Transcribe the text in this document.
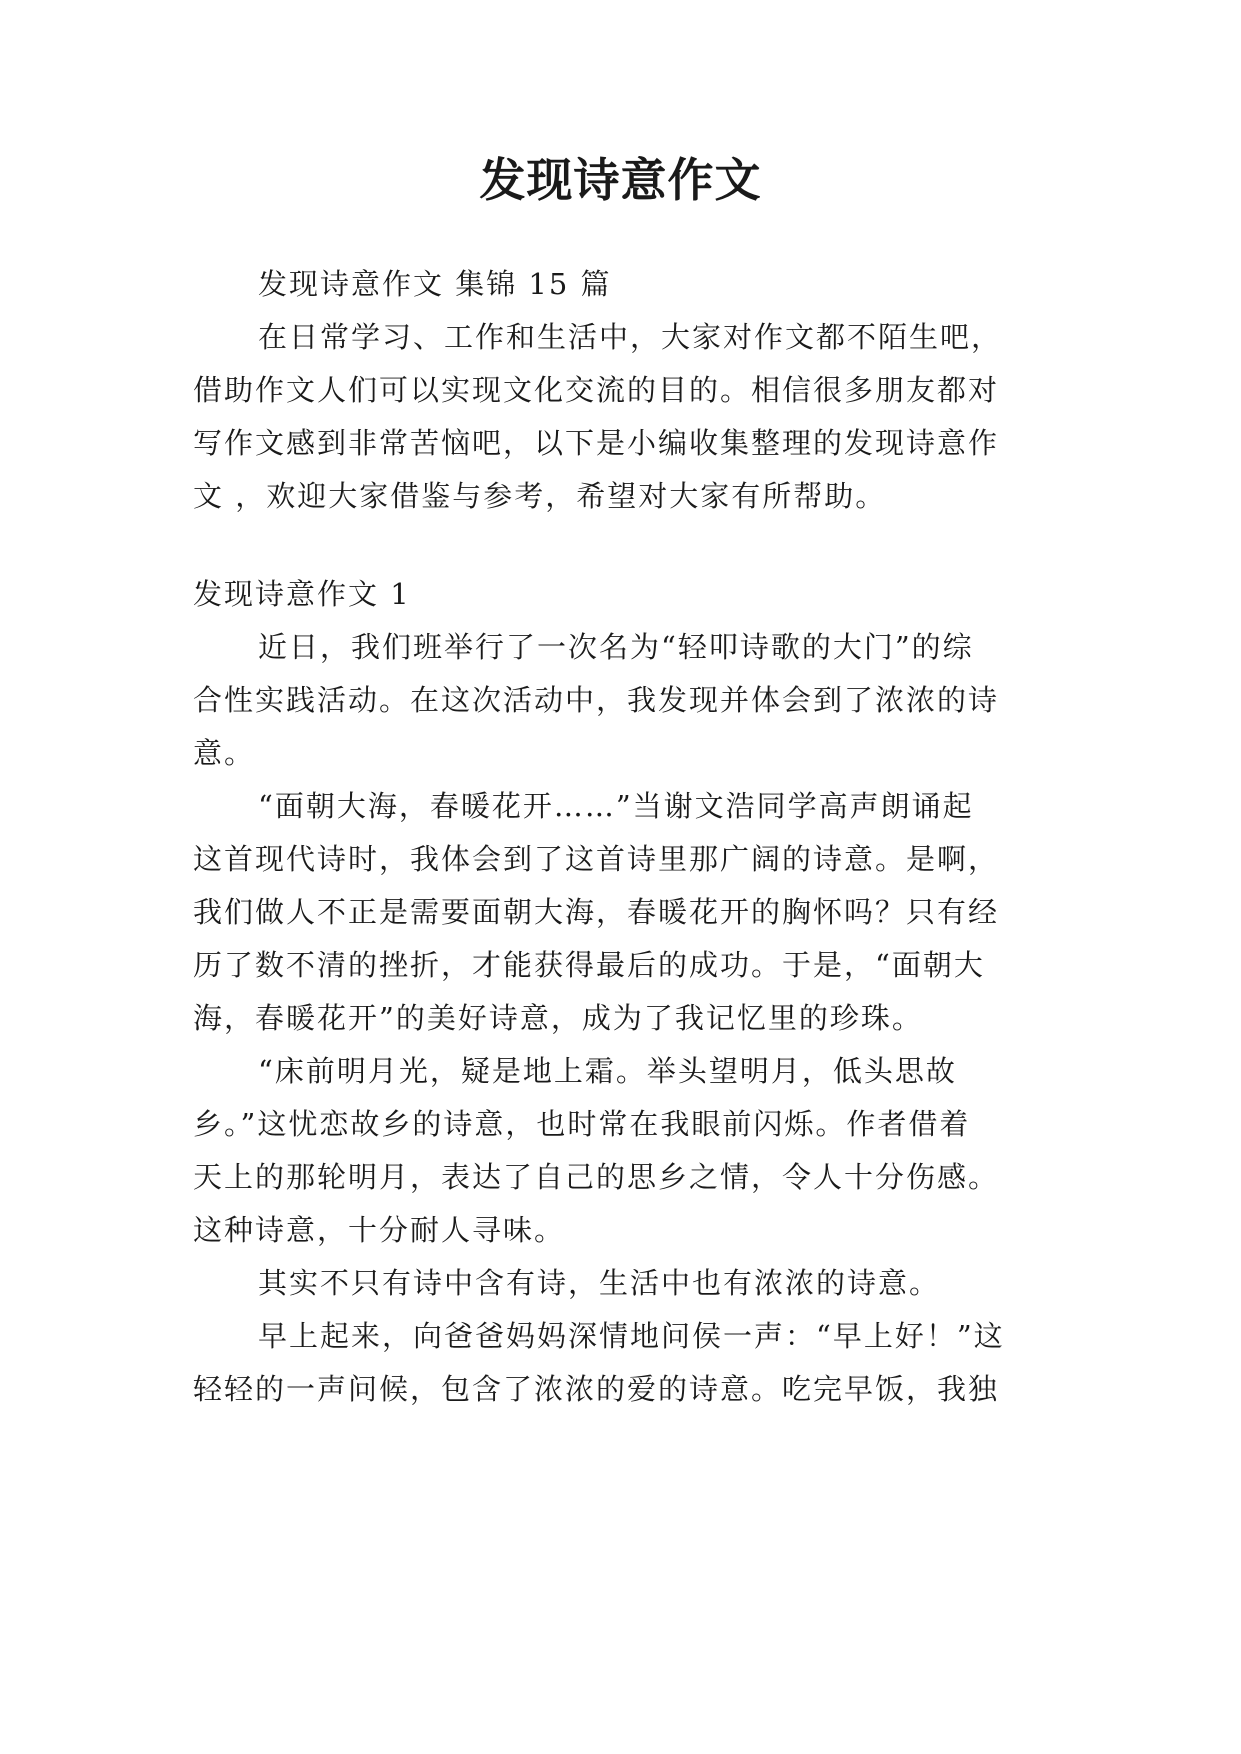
发现诗意作文
发现诗意作文 集锦 15 篇
在日常学习、工作和生活中，大家对作文都不陌生吧，
借助作文人们可以实现文化交流的目的。相信很多朋友都对
写作文感到非常苦恼吧，以下是小编收集整理的发现诗意作
文 ，欢迎大家借鉴与参考，希望对大家有所帮助。
发现诗意作文 1
近日，我们班举行了一次名为“轻叩诗歌的大门”的综
合性实践活动。在这次活动中，我发现并体会到了浓浓的诗
意。
“面朝大海，春暖花开……”当谢文浩同学高声朗诵起
这首现代诗时，我体会到了这首诗里那广阔的诗意。是啊，
我们做人不正是需要面朝大海，春暖花开的胸怀吗？只有经
历了数不清的挫折，才能获得最后的成功。于是，“面朝大
海，春暖花开”的美好诗意，成为了我记忆里的珍珠。
“床前明月光，疑是地上霜。举头望明月，低头思故
乡。”这忧恋故乡的诗意，也时常在我眼前闪烁。作者借着
天上的那轮明月，表达了自己的思乡之情，令人十分伤感。
这种诗意，十分耐人寻味。
其实不只有诗中含有诗，生活中也有浓浓的诗意。
早上起来，向爸爸妈妈深情地问侯一声：“早上好！”这
轻轻的一声问候，包含了浓浓的爱的诗意。吃完早饭，我独
